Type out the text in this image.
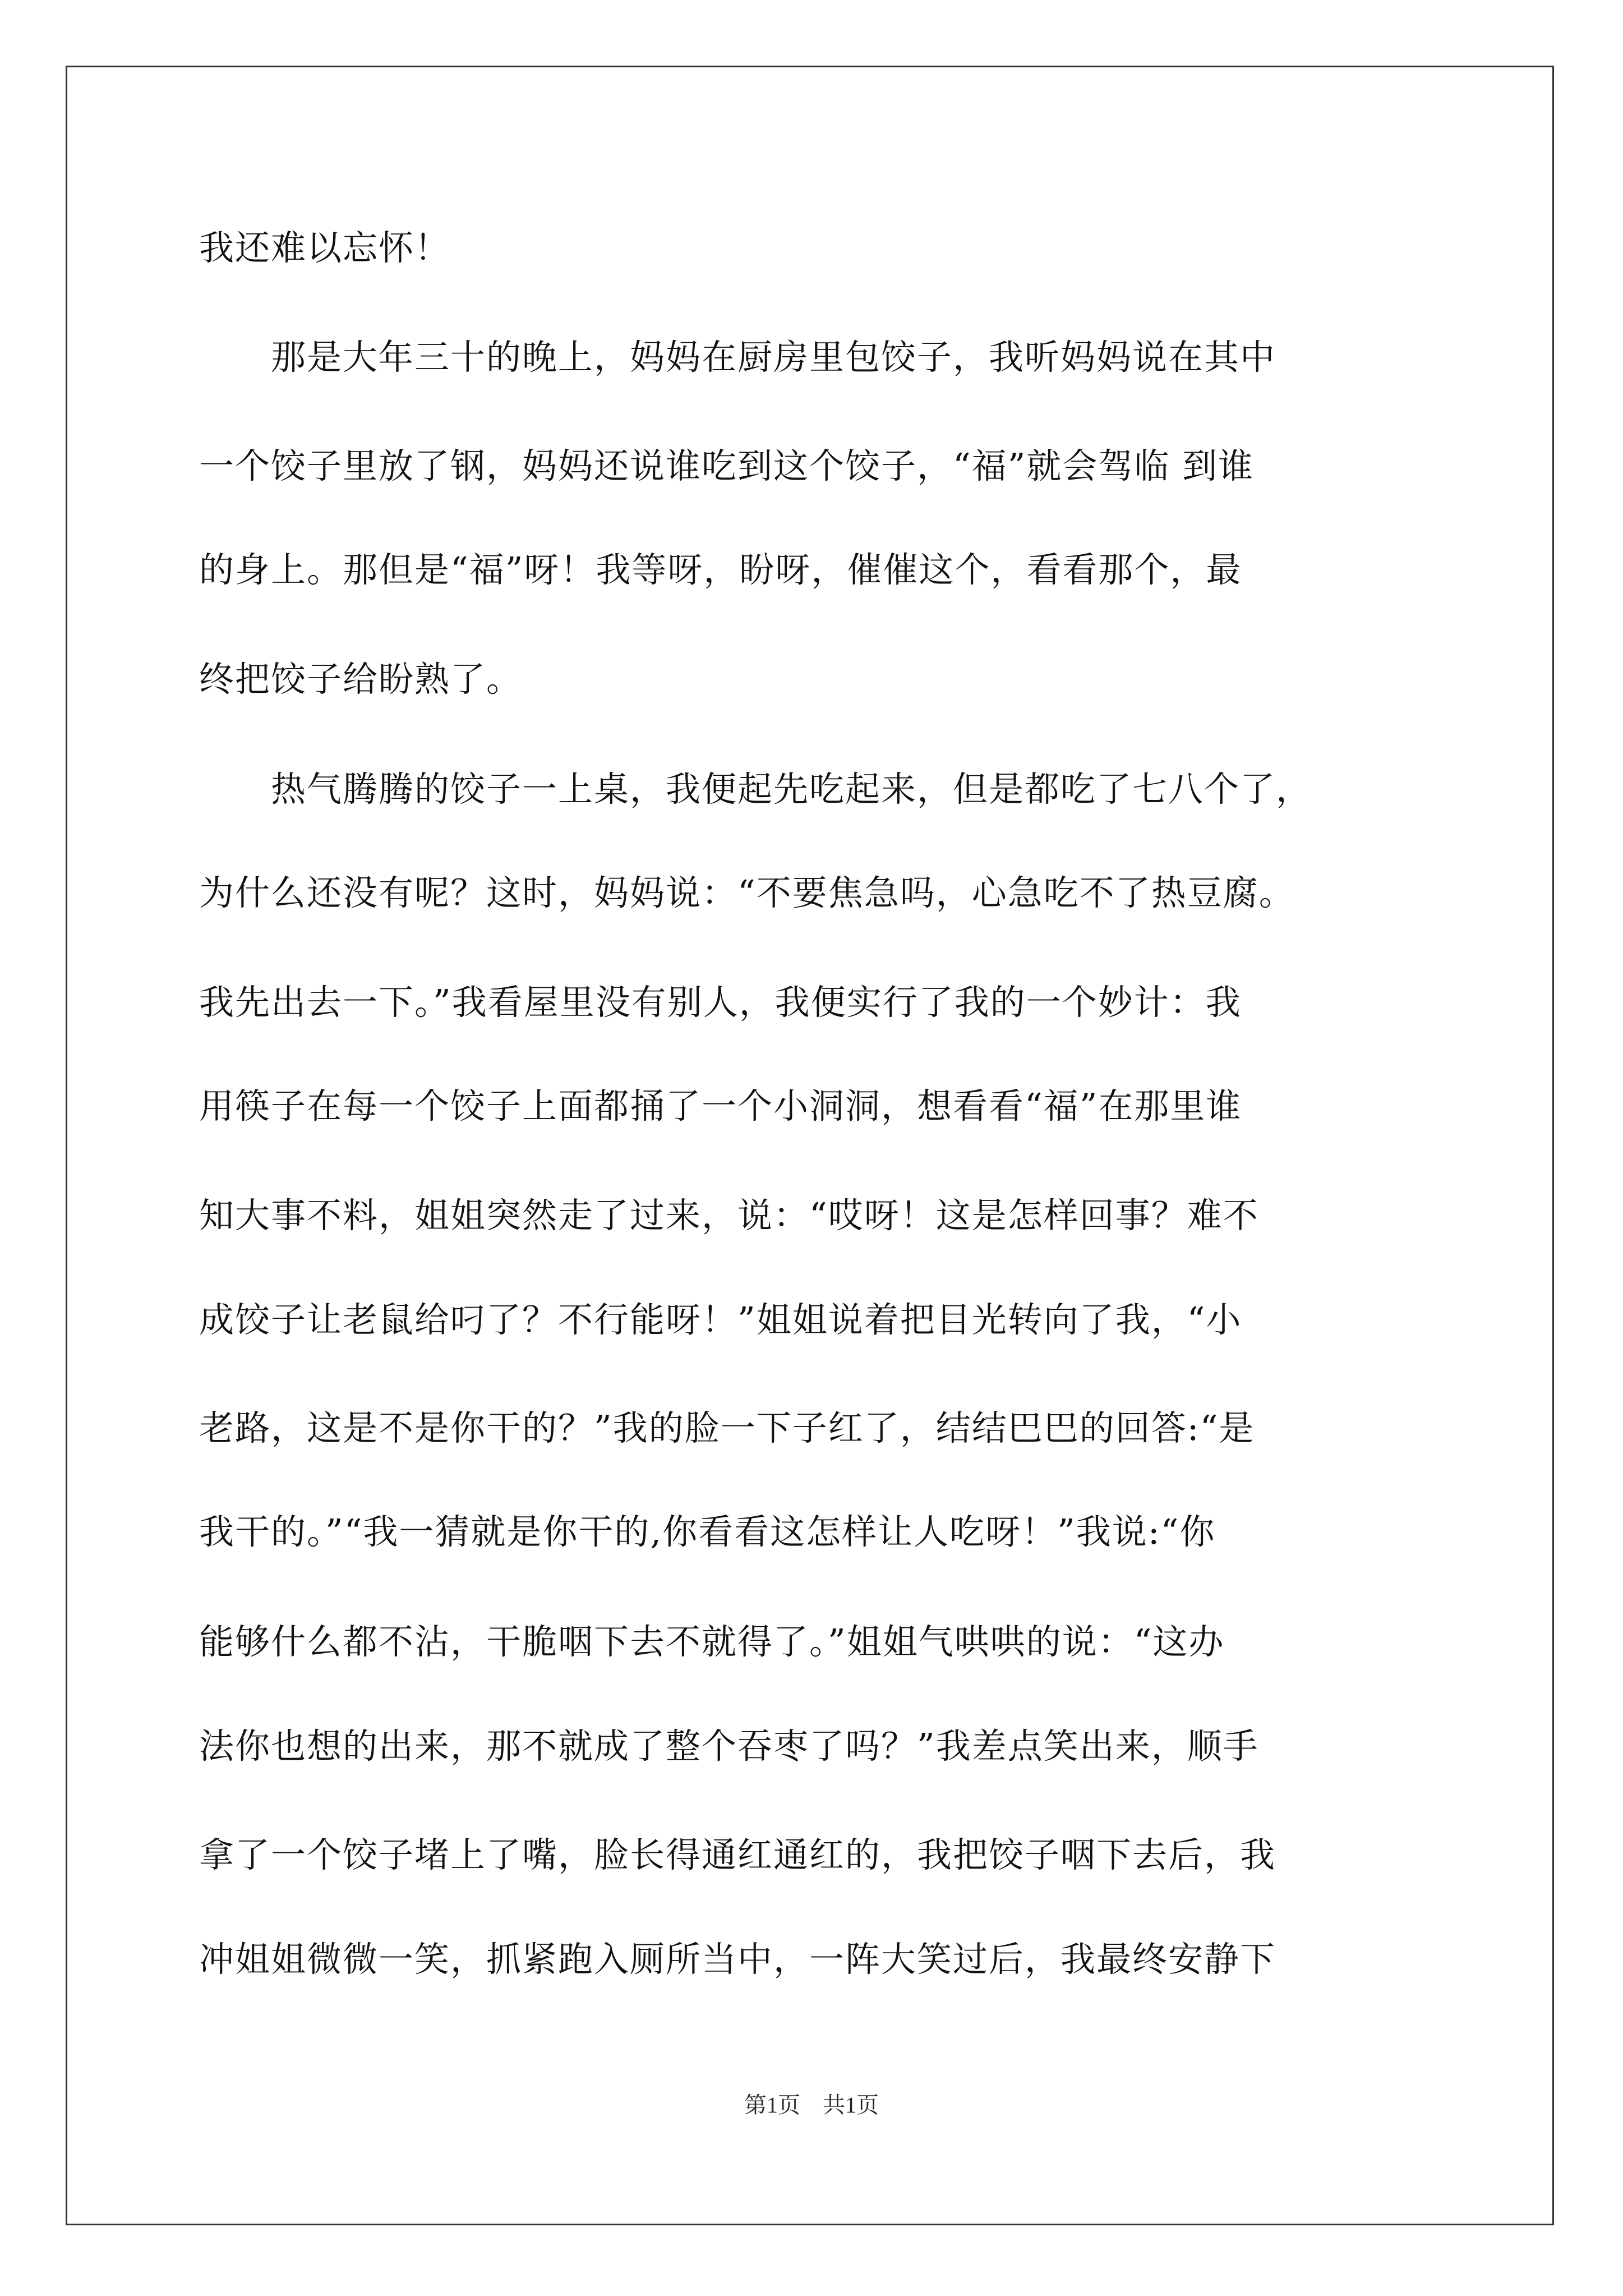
我还难以忘怀！
　　那是大年三十的晚上，妈妈在厨房里包饺子，我听妈妈说在其中
一个饺子里放了钢，妈妈还说谁吃到这个饺子，“福”就会驾临 到谁
的身上。那但是“福”呀！我等呀，盼呀，催催这个，看看那个，最
终把饺子给盼熟了。
　　热气腾腾的饺子一上桌，我便起先吃起来，但是都吃了七八个了，
为什么还没有呢？这时，妈妈说：“不要焦急吗，心急吃不了热豆腐。
我先出去一下。”我看屋里没有别人，我便实行了我的一个妙计：我
用筷子在每一个饺子上面都捅了一个小洞洞，想看看“福”在那里谁
知大事不料，姐姐突然走了过来，说：“哎呀！这是怎样回事？难不
成饺子让老鼠给叼了？不行能呀！”姐姐说着把目光转向了我，“小
老路，这是不是你干的？”我的脸一下子红了，结结巴巴的回答:“是
我干的。”“我一猜就是你干的,你看看这怎样让人吃呀！”我说:“你
能够什么都不沾，干脆咽下去不就得了。”姐姐气哄哄的说：“这办
法你也想的出来，那不就成了整个吞枣了吗？”我差点笑出来，顺手
拿了一个饺子堵上了嘴，脸长得通红通红的，我把饺子咽下去后，我
冲姐姐微微一笑，抓紧跑入厕所当中，一阵大笑过后，我最终安静下
第1页　共1页
